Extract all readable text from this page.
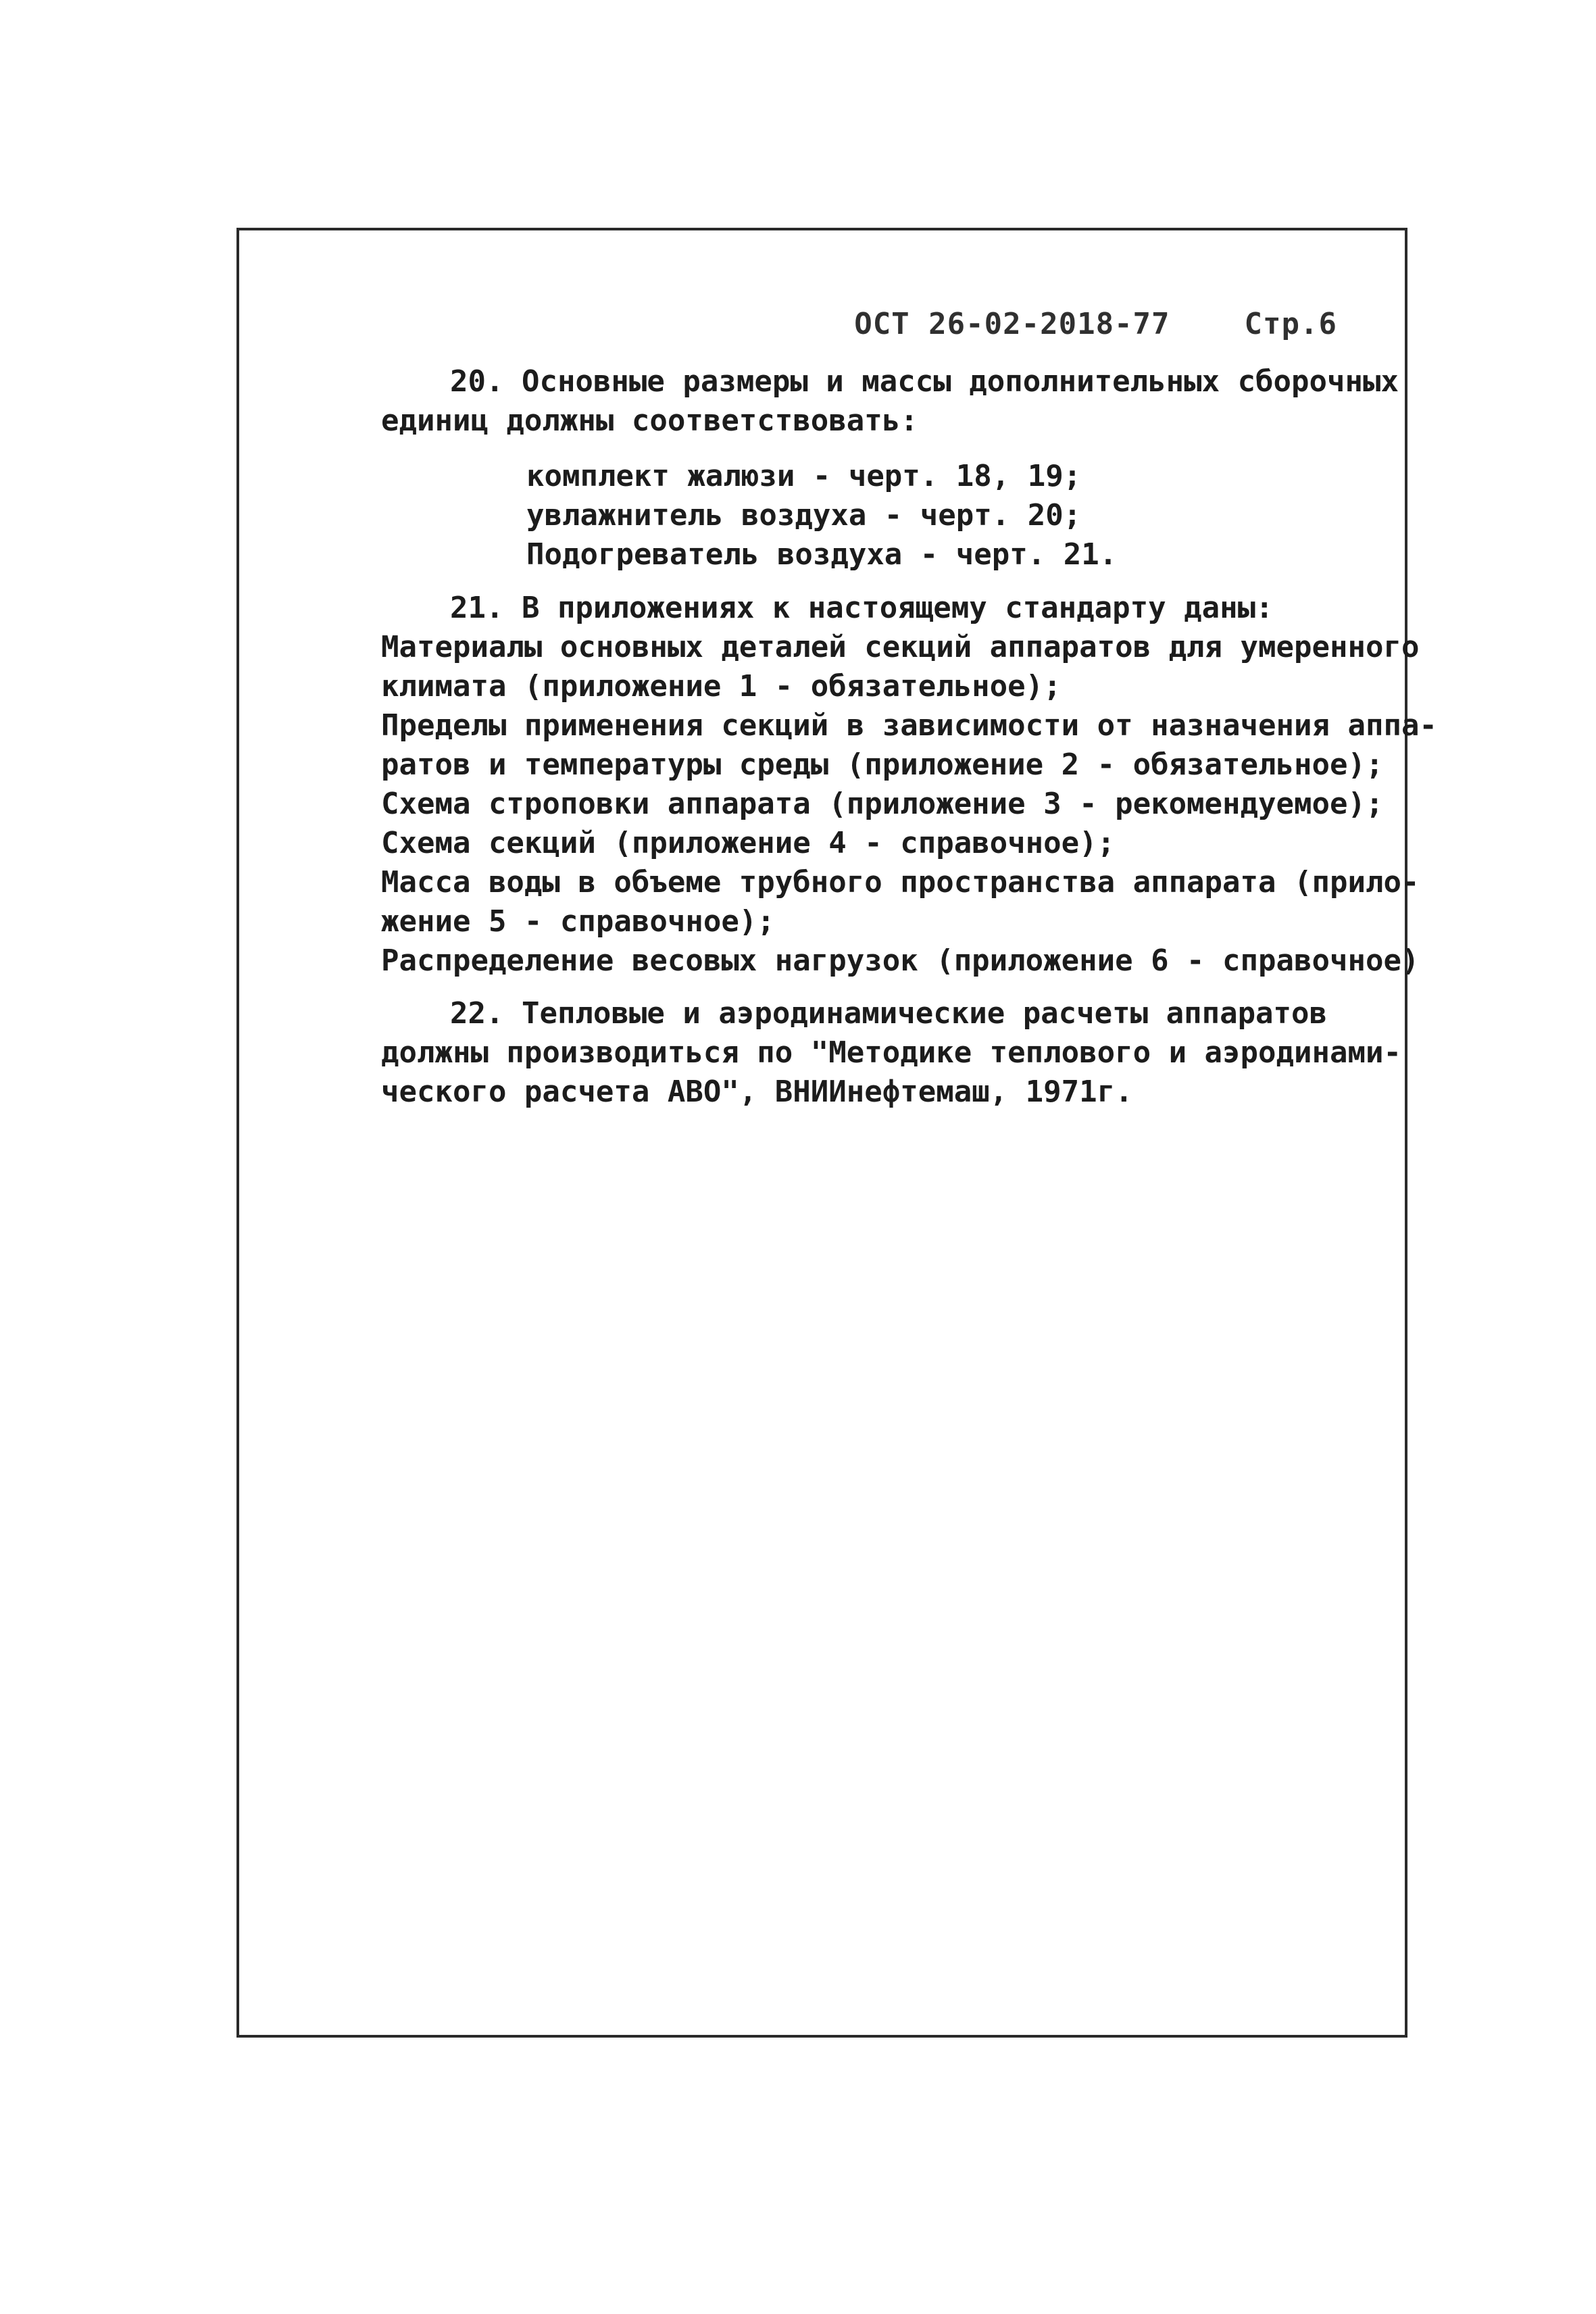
ОСТ 26-02-2018-77	Стр.6

20. Основные размеры и массы дополнительных сборочных
единиц должны соответствовать:
комплект жалюзи - черт. 18, 19;
увлажнитель воздуха - черт. 20;
Подогреватель воздуха - черт. 21.
21. В приложениях к настоящему стандарту даны:
Материалы основных деталей секций аппаратов для умеренного
климата (приложение 1 - обязательное);
Пределы применения секций в зависимости от назначения аппа-
ратов и температуры среды (приложение 2 - обязательное);
Схема строповки аппарата (приложение 3 - рекомендуемое);
Схема секций (приложение 4 - справочное);
Масса воды в объеме трубного пространства аппарата (прило-
жение 5 - справочное);
Распределение весовых нагрузок (приложение 6 - справочное)
22. Тепловые и аэродинамические расчеты аппаратов
должны производиться по "Методике теплового и аэродинами-
ческого расчета АВО", ВНИИнефтемаш, 1971г.
